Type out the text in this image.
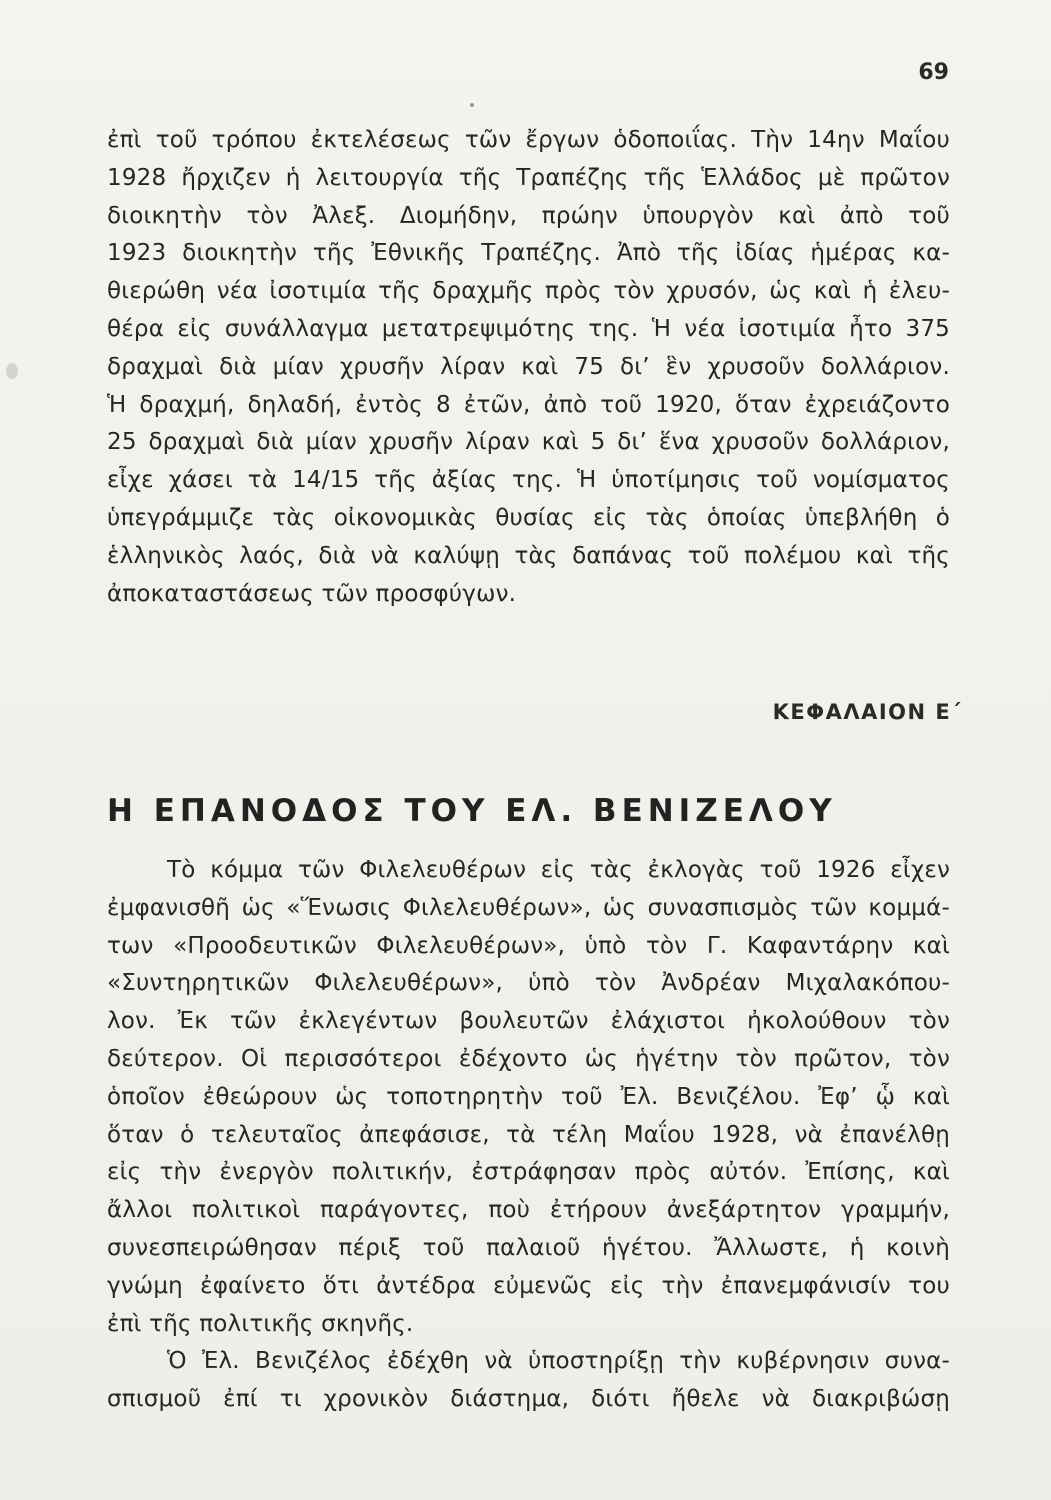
69
ἐπὶ τοῦ τρόπου ἐκτελέσεως τῶν ἔργων ὁδοποιΐας. Τὴν 14ην Μαΐου
1928 ἤρχιζεν ἡ λειτουργία τῆς Τραπέζης τῆς Ἑλλάδος μὲ πρῶτον
διοικητὴν τὸν Ἀλεξ. Διομήδην, πρώην ὑπουργὸν καὶ ἀπὸ τοῦ
1923 διοικητὴν τῆς Ἐθνικῆς Τραπέζης. Ἀπὸ τῆς ἰδίας ἡμέρας κα-
θιερώθη νέα ἰσοτιμία τῆς δραχμῆς πρὸς τὸν χρυσόν, ὡς καὶ ἡ ἐλευ-
θέρα εἰς συνάλλαγμα μετατρεψιμότης της. Ἡ νέα ἰσοτιμία ἦτο 375
δραχμαὶ διὰ μίαν χρυσῆν λίραν καὶ 75 δι’ ἓν χρυσοῦν δολλάριον.
Ἡ δραχμή, δηλαδή, ἐντὸς 8 ἐτῶν, ἀπὸ τοῦ 1920, ὅταν ἐχρειάζοντο
25 δραχμαὶ διὰ μίαν χρυσῆν λίραν καὶ 5 δι’ ἕνα χρυσοῦν δολλάριον,
εἶχε χάσει τὰ 14/15 τῆς ἀξίας της. Ἡ ὑποτίμησις τοῦ νομίσματος
ὑπεγράμμιζε τὰς οἰκονομικὰς θυσίας εἰς τὰς ὁποίας ὑπεβλήθη ὁ
ἑλληνικὸς λαός, διὰ νὰ καλύψῃ τὰς δαπάνας τοῦ πολέμου καὶ τῆς
ἀποκαταστάσεως τῶν προσφύγων.
ΚΕΦΑΛΑΙΟΝ Ε΄
Η ΕΠΑΝΟΔΟΣ ΤΟΥ ΕΛ. ΒΕΝΙΖΕΛΟΥ
Τὸ κόμμα τῶν Φιλελευθέρων εἰς τὰς ἐκλογὰς τοῦ 1926 εἶχεν
ἐμφανισθῆ ὡς «Ἕνωσις Φιλελευθέρων», ὡς συνασπισμὸς τῶν κομμά-
των «Προοδευτικῶν Φιλελευθέρων», ὑπὸ τὸν Γ. Καφαντάρην καὶ
«Συντηρητικῶν Φιλελευθέρων», ὑπὸ τὸν Ἀνδρέαν Μιχαλακόπου-
λον. Ἐκ τῶν ἐκλεγέντων βουλευτῶν ἐλάχιστοι ἠκολούθουν τὸν
δεύτερον. Οἱ περισσότεροι ἐδέχοντο ὡς ἡγέτην τὸν πρῶτον, τὸν
ὁποῖον ἐθεώρουν ὡς τοποτηρητὴν τοῦ Ἐλ. Βενιζέλου. Ἐφ’ ᾧ καὶ
ὅταν ὁ τελευταῖος ἀπεφάσισε, τὰ τέλη Μαΐου 1928, νὰ ἐπανέλθῃ
εἰς τὴν ἐνεργὸν πολιτικήν, ἐστράφησαν πρὸς αὐτόν. Ἐπίσης, καὶ
ἄλλοι πολιτικοὶ παράγοντες, ποὺ ἐτήρουν ἀνεξάρτητον γραμμήν,
συνεσπειρώθησαν πέριξ τοῦ παλαιοῦ ἡγέτου. Ἄλλωστε, ἡ κοινὴ
γνώμη ἐφαίνετο ὅτι ἀντέδρα εὐμενῶς εἰς τὴν ἐπανεμφάνισίν του
ἐπὶ τῆς πολιτικῆς σκηνῆς.
Ὁ Ἐλ. Βενιζέλος ἐδέχθη νὰ ὑποστηρίξῃ τὴν κυβέρνησιν συνα-
σπισμοῦ ἐπί τι χρονικὸν διάστημα, διότι ἤθελε νὰ διακριβώσῃ
